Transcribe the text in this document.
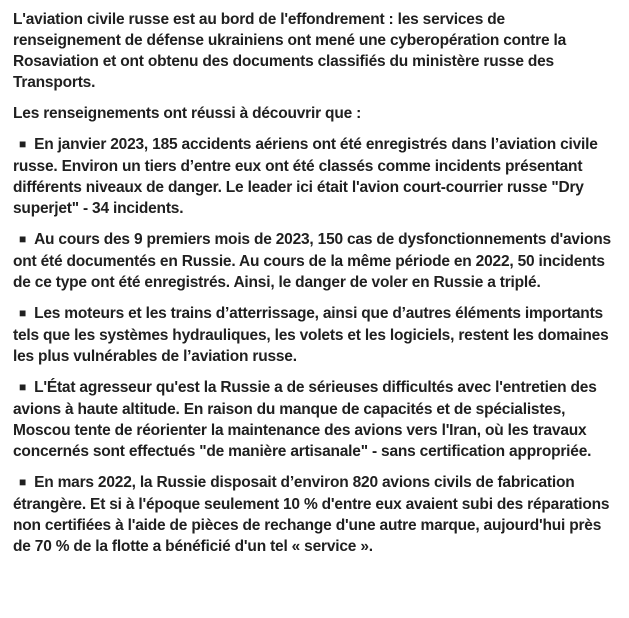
L'aviation civile russe est au bord de l'effondrement : les services de renseignement de défense ukrainiens ont mené une cyberopération contre la Rosaviation et ont obtenu des documents classifiés du ministère russe des Transports.

Les renseignements ont réussi à découvrir que :

■ En janvier 2023, 185 accidents aériens ont été enregistrés dans l’aviation civile russe. Environ un tiers d’entre eux ont été classés comme incidents présentant différents niveaux de danger. Le leader ici était l'avion court-courrier russe "Dry superjet" - 34 incidents.

■ Au cours des 9 premiers mois de 2023, 150 cas de dysfonctionnements d'avions ont été documentés en Russie. Au cours de la même période en 2022, 50 incidents de ce type ont été enregistrés. Ainsi, le danger de voler en Russie a triplé.

■ Les moteurs et les trains d’atterrissage, ainsi que d’autres éléments importants tels que les systèmes hydrauliques, les volets et les logiciels, restent les domaines les plus vulnérables de l’aviation russe.

■ L'État agresseur qu'est la Russie a de sérieuses difficultés avec l'entretien des avions à haute altitude. En raison du manque de capacités et de spécialistes, Moscou tente de réorienter la maintenance des avions vers l'Iran, où les travaux concernés sont effectués "de manière artisanale" - sans certification appropriée.

■ En mars 2022, la Russie disposait d’environ 820 avions civils de fabrication étrangère. Et si à l'époque seulement 10 % d'entre eux avaient subi des réparations non certifiées à l'aide de pièces de rechange d'une autre marque, aujourd'hui près de 70 % de la flotte a bénéficié d'un tel « service ».
